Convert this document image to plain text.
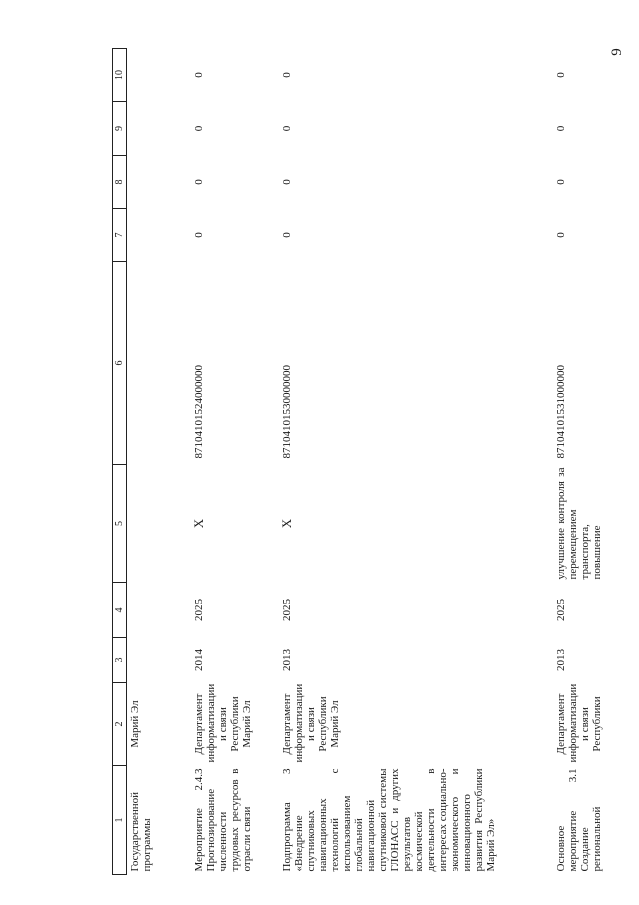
9
1	2	3	4	5	6	7	8	9	10
Государственной программы	Марий Эл								
Мероприятие 2.4.3 Прогнозирование численности трудовых ресурсов в отрасли связи	Департамент информатизации и связи Республики Марий Эл	2014	2025	X	87104101524000000	0	0	0	0
Подпрограмма 3 «Внедрение спутниковых навигационных технологий с использованием глобальной навигационной спутниковой системы ГЛОНАСС и других результатов космической деятельности в интересах социально-экономического и инновационного развития Республики Марий Эл»	Департамент информатизации и связи Республики Марий Эл	2013	2025	X	87104101530000000	0	0	0	0
Основное мероприятие 3.1 Создание региональной	Департамент информатизации и связи Республики	2013	2025	улучшение контроля за перемещением транспорта, повышение	87104101531000000	0	0	0	0
